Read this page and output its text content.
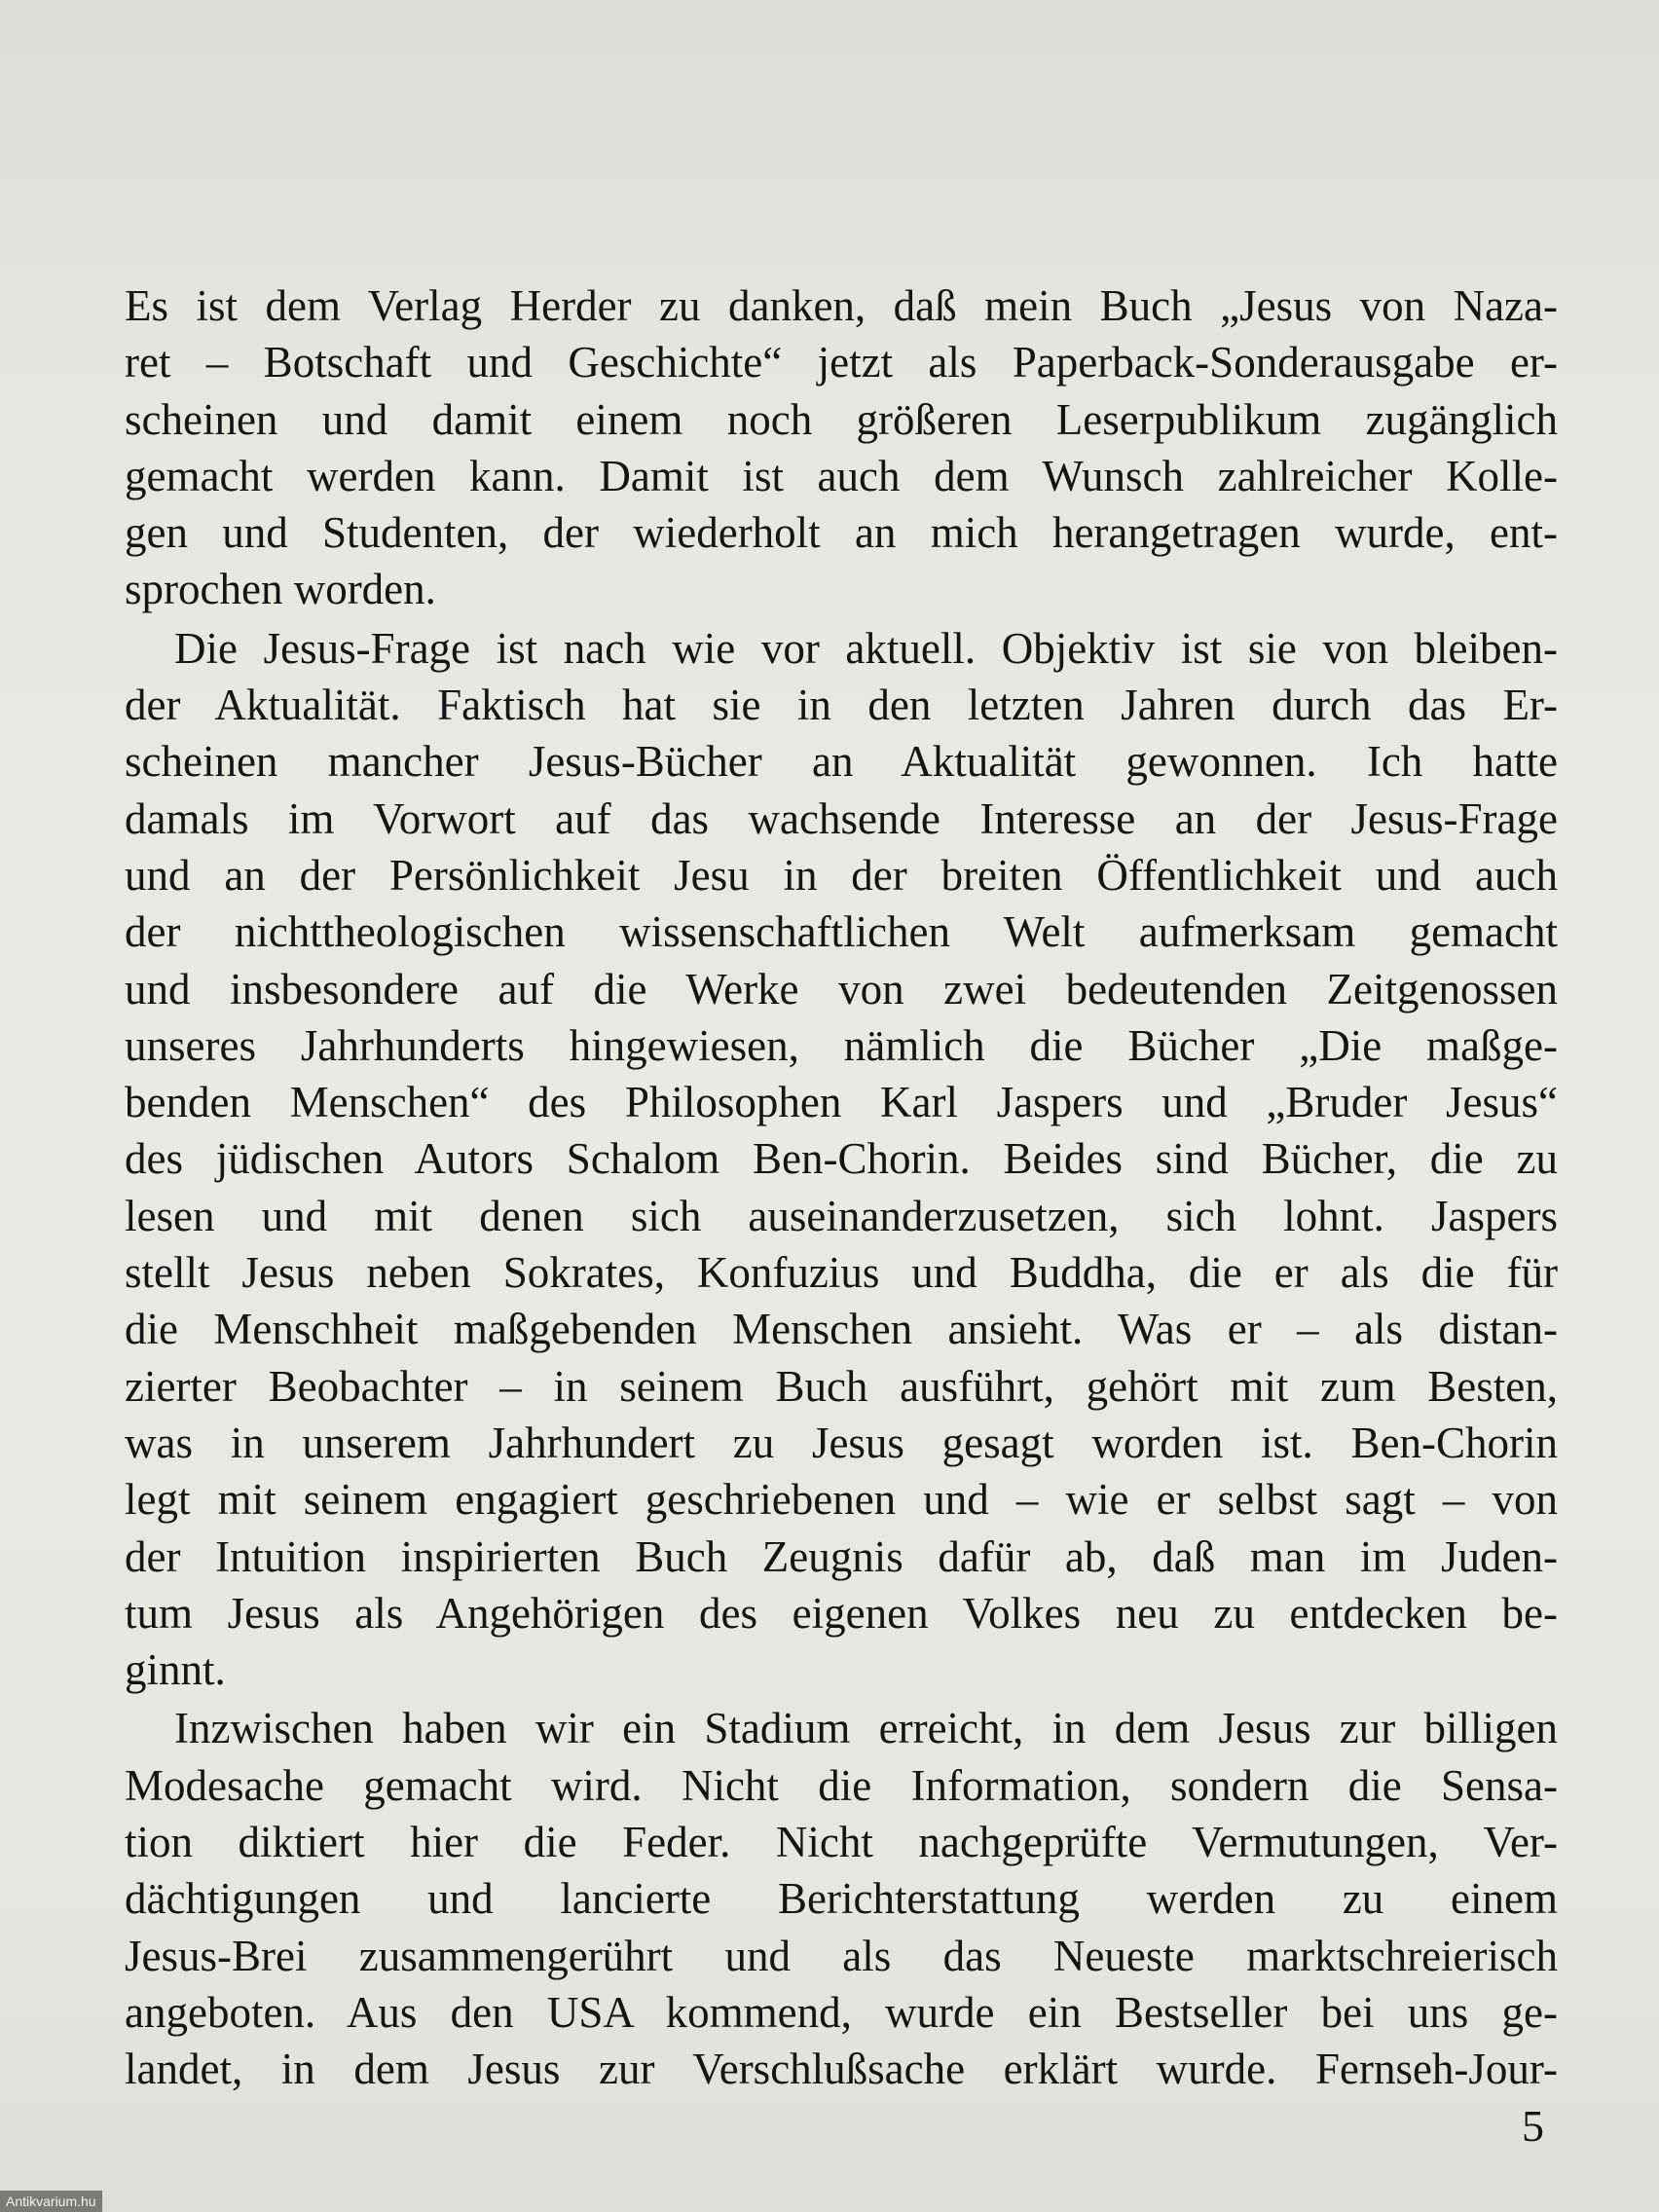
Es ist dem Verlag Herder zu danken, daß mein Buch „Jesus von Naza-
ret – Botschaft und Geschichte“ jetzt als Paperback-Sonderausgabe er-
scheinen und damit einem noch größeren Leserpublikum zugänglich
gemacht werden kann. Damit ist auch dem Wunsch zahlreicher Kolle-
gen und Studenten, der wiederholt an mich herangetragen wurde, ent-
sprochen worden.
Die Jesus-Frage ist nach wie vor aktuell. Objektiv ist sie von bleiben-
der Aktualität. Faktisch hat sie in den letzten Jahren durch das Er-
scheinen mancher Jesus-Bücher an Aktualität gewonnen. Ich hatte
damals im Vorwort auf das wachsende Interesse an der Jesus-Frage
und an der Persönlichkeit Jesu in der breiten Öffentlichkeit und auch
der nichttheologischen wissenschaftlichen Welt aufmerksam gemacht
und insbesondere auf die Werke von zwei bedeutenden Zeitgenossen
unseres Jahrhunderts hingewiesen, nämlich die Bücher „Die maßge-
benden Menschen“ des Philosophen Karl Jaspers und „Bruder Jesus“
des jüdischen Autors Schalom Ben-Chorin. Beides sind Bücher, die zu
lesen und mit denen sich auseinanderzusetzen, sich lohnt. Jaspers
stellt Jesus neben Sokrates, Konfuzius und Buddha, die er als die für
die Menschheit maßgebenden Menschen ansieht. Was er – als distan-
zierter Beobachter – in seinem Buch ausführt, gehört mit zum Besten,
was in unserem Jahrhundert zu Jesus gesagt worden ist. Ben-Chorin
legt mit seinem engagiert geschriebenen und – wie er selbst sagt – von
der Intuition inspirierten Buch Zeugnis dafür ab, daß man im Juden-
tum Jesus als Angehörigen des eigenen Volkes neu zu entdecken be-
ginnt.
Inzwischen haben wir ein Stadium erreicht, in dem Jesus zur billigen
Modesache gemacht wird. Nicht die Information, sondern die Sensa-
tion diktiert hier die Feder. Nicht nachgeprüfte Vermutungen, Ver-
dächtigungen und lancierte Berichterstattung werden zu einem
Jesus-Brei zusammengerührt und als das Neueste marktschreierisch
angeboten. Aus den USA kommend, wurde ein Bestseller bei uns ge-
landet, in dem Jesus zur Verschlußsache erklärt wurde. Fernseh-Jour-
5
Antikvarium.hu
